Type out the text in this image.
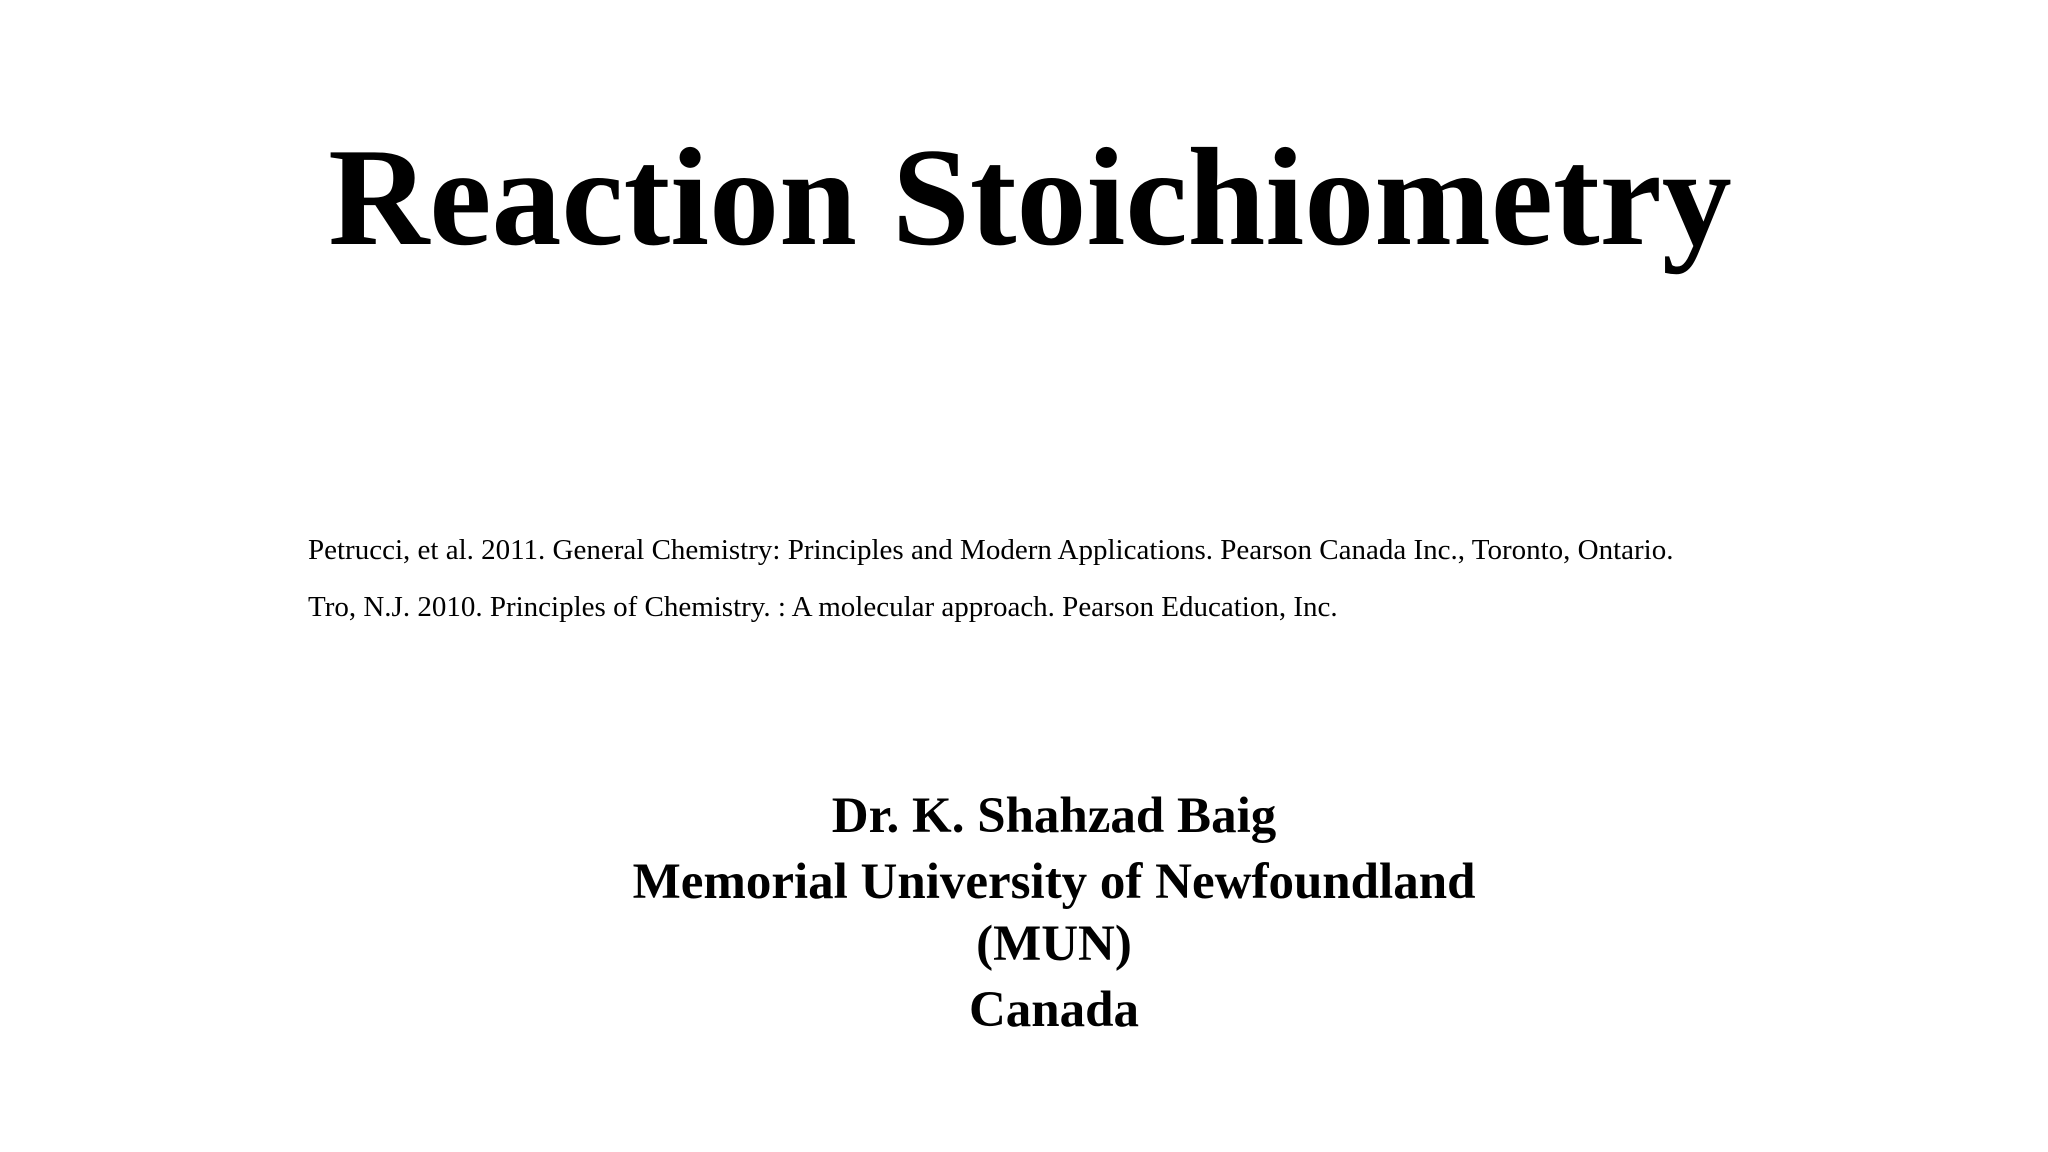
Reaction Stoichiometry
Petrucci, et al. 2011. General Chemistry: Principles and Modern Applications. Pearson Canada Inc., Toronto, Ontario.
Tro, N.J. 2010. Principles of Chemistry. : A molecular approach. Pearson Education, Inc.
Dr. K. Shahzad Baig
Memorial University of Newfoundland
(MUN)
Canada
